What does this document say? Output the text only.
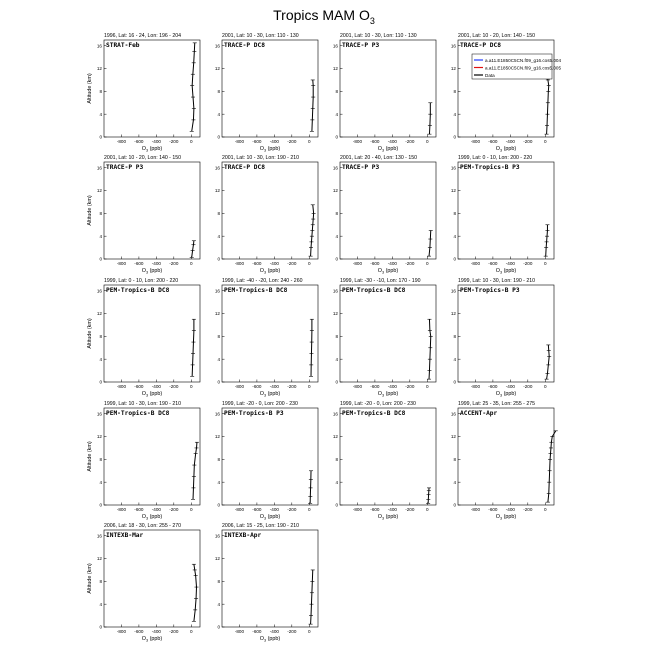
Tropics MAM $O_3$
1996, Lat: 16 - 24, Lon: 196 - 204
STRAT-Feb
-800 -600 -400 -200	0
0
4
8
12
16
$O_3$ (ppb)
Altitude (km)
2001, Lat: 10 - 30, Lon: 110 - 130
TRACE-P DC8
-800 -600 -400 -200	0
0
4
8
12
16
$O_3$ (ppb)
2001, Lat: 10 - 30, Lon: 110 - 130
TRACE-P P3
-800 -600 -400 -200	0
0
4
8
12
16
$O_3$ (ppb)
2001, Lat: 10 - 20, Lon: 140 - 150
TRACE-P DC8
-800 -600 -400 -200	0
0
4
8
12
16
$O_3$ (ppb)
a.a11.E1850C5CN.f09_g16.cos5.004
a.a11.E1850C5CN.f09_g16.cos5.005
Data
2001, Lat: 10 - 20, Lon: 140 - 150
TRACE-P P3
-800 -600 -400 -200	0
0
4
8
12
16
$O_3$ (ppb)
Altitude (km)
2001, Lat: 10 - 30, Lon: 190 - 210
TRACE-P DC8
-800 -600 -400 -200	0
0
4
8
12
16
$O_3$ (ppb)
2001, Lat: 20 - 40, Lon: 130 - 150
TRACE-P P3
-800 -600 -400 -200	0
0
4
8
12
16
$O_3$ (ppb)
1999, Lat: 0 - 10, Lon: 200 - 220
PEM-Tropics-B P3
-800 -600 -400 -200	0
0
4
8
12
16
$O_3$ (ppb)
1999, Lat: 0 - 10, Lon: 200 - 220
PEM-Tropics-B DC8
-800 -600 -400 -200	0
0
4
8
12
16
$O_3$ (ppb)
Altitude (km)
1999, Lat: -40 - -20, Lon: 240 - 260
PEM-Tropics-B DC8
-800 -600 -400 -200	0
0
4
8
12
16
$O_3$ (ppb)
1999, Lat: -30 - -10, Lon: 170 - 190
PEM-Tropics-B DC8
-800 -600 -400 -200	0
0
4
8
12
16
$O_3$ (ppb)
1999, Lat: 10 - 30, Lon: 190 - 210
PEM-Tropics-B P3
-800 -600 -400 -200	0
0
4
8
12
16
$O_3$ (ppb)
1999, Lat: 10 - 30, Lon: 190 - 210
PEM-Tropics-B DC8
-800 -600 -400 -200	0
0
4
8
12
16
$O_3$ (ppb)
Altitude (km)
1999, Lat: -20 - 0, Lon: 200 - 230
PEM-Tropics-B P3
-800 -600 -400 -200	0
0
4
8
12
16
$O_3$ (ppb)
1999, Lat: -20 - 0, Lon: 200 - 230
PEM-Tropics-B DC8
-800 -600 -400 -200	0
0
4
8
12
16
$O_3$ (ppb)
1999, Lat: 25 - 35, Lon: 255 - 275
ACCENT-Apr
-800 -600 -400 -200	0
0
4
8
12
16
$O_3$ (ppb)
2006, Lat: 18 - 30, Lon: 255 - 270
INTEXB-Mar
-800 -600 -400 -200	0
0
4
8
12
16
$O_3$ (ppb)
Altitude (km)
2006, Lat: 15 - 25, Lon: 190 - 210
INTEXB-Apr
-800 -600 -400 -200	0
0
4
8
12
16
$O_3$ (ppb)
